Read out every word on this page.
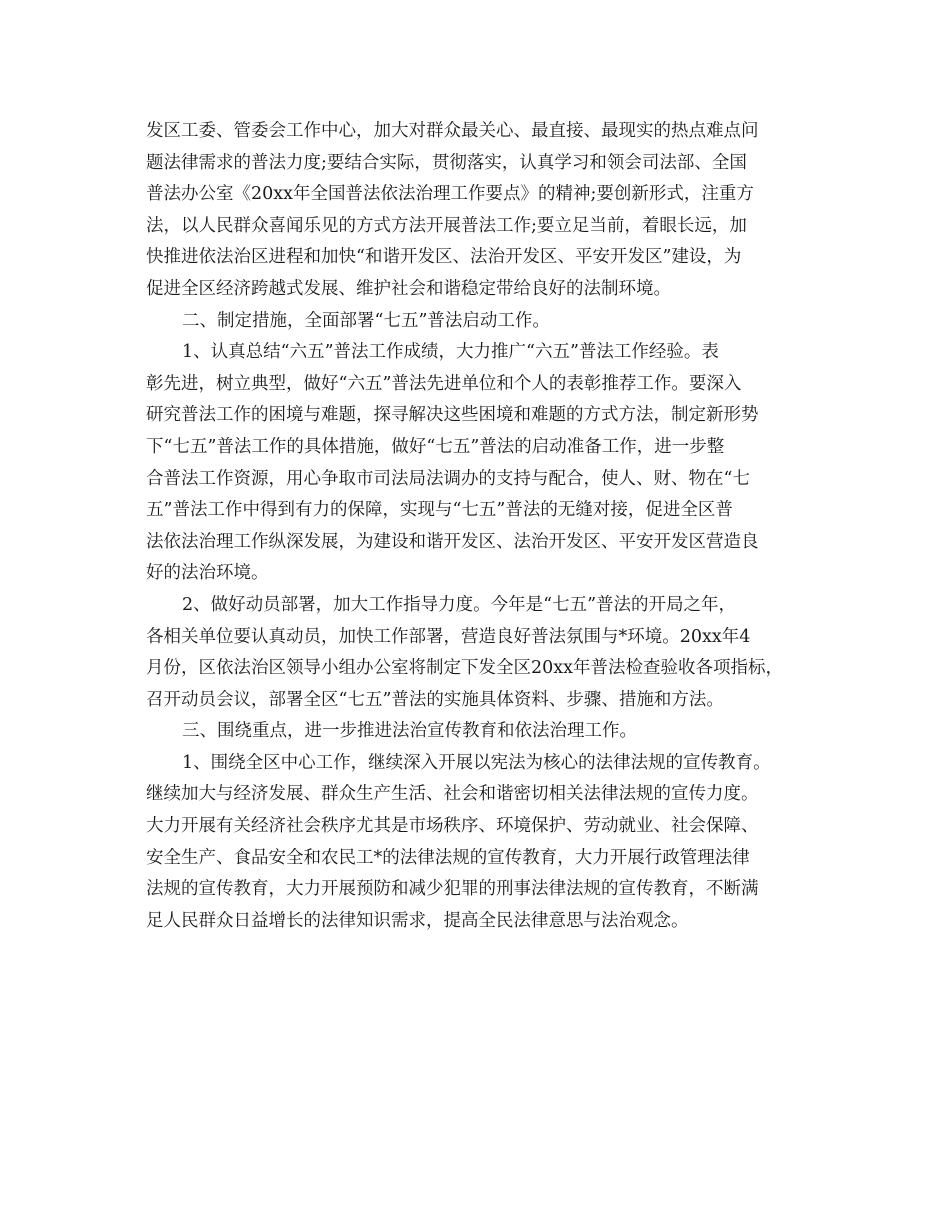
发区工委、管委会工作中心，加大对群众最关心、最直接、最现实的热点难点问
题法律需求的普法力度;要结合实际，贯彻落实，认真学习和领会司法部、全国
普法办公室《20xx年全国普法依法治理工作要点》的精神;要创新形式，注重方
法，以人民群众喜闻乐见的方式方法开展普法工作;要立足当前，着眼长远，加
快推进依法治区进程和加快“和谐开发区、法治开发区、平安开发区”建设，为
促进全区经济跨越式发展、维护社会和谐稳定带给良好的法制环境。
二、制定措施，全面部署“七五”普法启动工作。
1、认真总结“六五”普法工作成绩，大力推广“六五”普法工作经验。表
彰先进，树立典型，做好“六五”普法先进单位和个人的表彰推荐工作。要深入
研究普法工作的困境与难题，探寻解决这些困境和难题的方式方法，制定新形势
下“七五”普法工作的具体措施，做好“七五”普法的启动准备工作，进一步整
合普法工作资源，用心争取市司法局法调办的支持与配合，使人、财、物在“七
五”普法工作中得到有力的保障，实现与“七五”普法的无缝对接，促进全区普
法依法治理工作纵深发展，为建设和谐开发区、法治开发区、平安开发区营造良
好的法治环境。
2、做好动员部署，加大工作指导力度。今年是“七五”普法的开局之年，
各相关单位要认真动员，加快工作部署，营造良好普法氛围与*环境。20xx年4
月份，区依法治区领导小组办公室将制定下发全区20xx年普法检查验收各项指标，
召开动员会议，部署全区“七五”普法的实施具体资料、步骤、措施和方法。
三、围绕重点，进一步推进法治宣传教育和依法治理工作。
1、围绕全区中心工作，继续深入开展以宪法为核心的法律法规的宣传教育。
继续加大与经济发展、群众生产生活、社会和谐密切相关法律法规的宣传力度。
大力开展有关经济社会秩序尤其是市场秩序、环境保护、劳动就业、社会保障、
安全生产、食品安全和农民工*的法律法规的宣传教育，大力开展行政管理法律
法规的宣传教育，大力开展预防和减少犯罪的刑事法律法规的宣传教育，不断满
足人民群众日益增长的法律知识需求，提高全民法律意思与法治观念。
